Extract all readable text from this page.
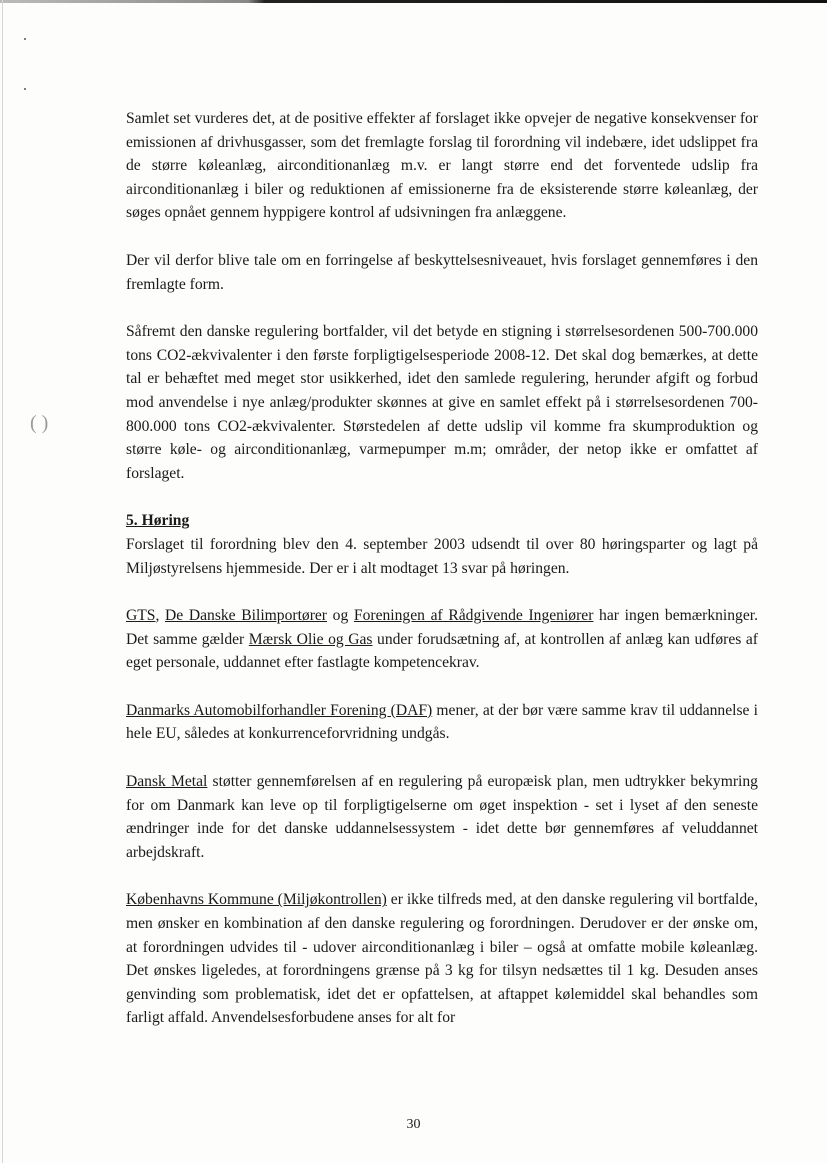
( )

Samlet set vurderes det, at de positive effekter af forslaget ikke opvejer de negative konsekvenser for emissionen af drivhusgasser, som det fremlagte forslag til forordning vil indebære, idet udslippet fra de større køleanlæg, airconditionanlæg m.v. er langt større end det forventede udslip fra airconditionanlæg i biler og reduktionen af emissionerne fra de eksisterende større køleanlæg, der søges opnået gennem hyppigere kontrol af udsivningen fra anlæggene.

Der vil derfor blive tale om en forringelse af beskyttelsesniveauet, hvis forslaget gennemføres i den fremlagte form.

Såfremt den danske regulering bortfalder, vil det betyde en stigning i størrelsesordenen 500-700.000 tons CO2-ækvivalenter i den første forpligtigelsesperiode 2008-12. Det skal dog bemærkes, at dette tal er behæftet med meget stor usikkerhed, idet den samlede regulering, herunder afgift og forbud mod anvendelse i nye anlæg/produkter skønnes at give en samlet effekt på i størrelsesordenen 700-800.000 tons CO2-ækvivalenter. Størstedelen af dette udslip vil komme fra skumproduktion og større køle- og airconditionanlæg, varmepumper m.m; områder, der netop ikke er omfattet af forslaget.

5. Høring
Forslaget til forordning blev den 4. september 2003 udsendt til over 80 høringsparter og lagt på Miljøstyrelsens hjemmeside. Der er i alt modtaget 13 svar på høringen.

GTS, De Danske Bilimportører og Foreningen af Rådgivende Ingeniører har ingen bemærkninger. Det samme gælder Mærsk Olie og Gas under forudsætning af, at kontrollen af anlæg kan udføres af eget personale, uddannet efter fastlagte kompetencekrav.

Danmarks Automobilforhandler Forening (DAF) mener, at der bør være samme krav til uddannelse i hele EU, således at konkurrenceforvridning undgås.

Dansk Metal støtter gennemførelsen af en regulering på europæisk plan, men udtrykker bekymring for om Danmark kan leve op til forpligtigelserne om øget inspektion - set i lyset af den seneste ændringer inde for det danske uddannelsessystem - idet dette bør gennemføres af veluddannet arbejdskraft.

Københavns Kommune (Miljøkontrollen) er ikke tilfreds med, at den danske regulering vil bortfalde, men ønsker en kombination af den danske regulering og forordningen. Derudover er der ønske om, at forordningen udvides til - udover airconditionanlæg i biler – også at omfatte mobile køleanlæg. Det ønskes ligeledes, at forordningens grænse på 3 kg for tilsyn nedsættes til 1 kg. Desuden anses genvinding som problematisk, idet det er opfattelsen, at aftappet kølemiddel skal behandles som farligt affald. Anvendelsesforbudene anses for alt for

30
